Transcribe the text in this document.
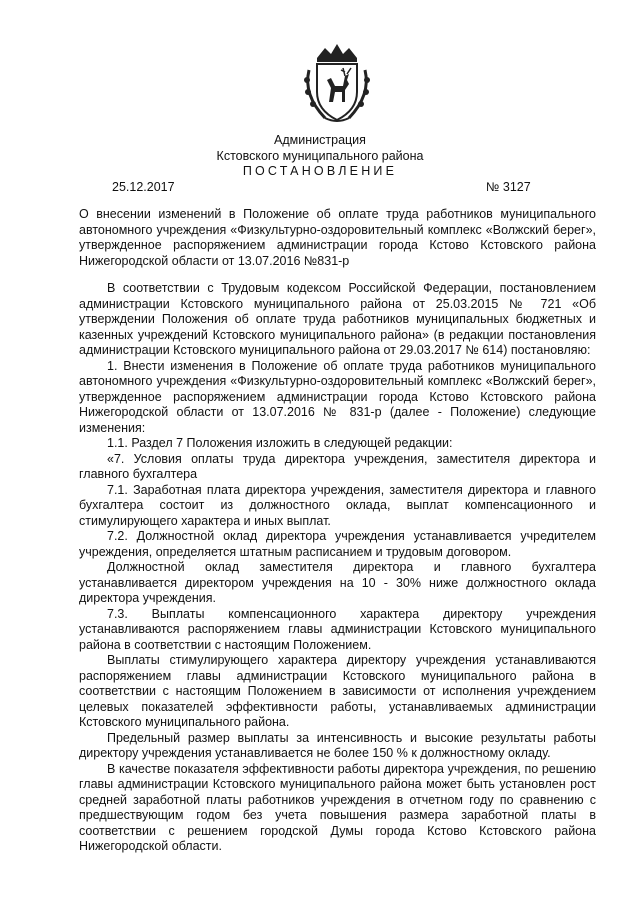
Администрация
Кстовского муниципального района
ПОСТАНОВЛЕНИЕ
25.12.2017	№ 3127

О внесении изменений в Положение об оплате труда работников муниципального автономного учреждения «Физкультурно-оздоровительный комплекс «Волжский берег», утвержденное распоряжением администрации города Кстово Кстовского района Нижегородской области от 13.07.2016 №831-р

В соответствии с Трудовым кодексом Российской Федерации, постановлением администрации Кстовского муниципального района от 25.03.2015 № 721 «Об утверждении Положения об оплате труда работников муниципальных бюджетных и казенных учреждений Кстовского муниципального района» (в редакции постановления администрации Кстовского муниципального района от 29.03.2017 № 614) постановляю:

1. Внести изменения в Положение об оплате труда работников муниципального автономного учреждения «Физкультурно-оздоровительный комплекс «Волжский берег», утвержденное распоряжением администрации города Кстово Кстовского района Нижегородской области от 13.07.2016 № 831-р (далее - Положение) следующие изменения:

1.1. Раздел 7 Положения изложить в следующей редакции:

«7. Условия оплаты труда директора учреждения, заместителя директора и главного бухгалтера

7.1. Заработная плата директора учреждения, заместителя директора и главного бухгалтера состоит из должностного оклада, выплат компенсационного и стимулирующего характера и иных выплат.

7.2. Должностной оклад директора учреждения устанавливается учредителем учреждения, определяется штатным расписанием и трудовым договором.

Должностной оклад заместителя директора и главного бухгалтера устанавливается директором учреждения на 10 - 30% ниже должностного оклада директора учреждения.

7.3. Выплаты компенсационного характера директору учреждения устанавливаются распоряжением главы администрации Кстовского муниципального района в соответствии с настоящим Положением.

Выплаты стимулирующего характера директору учреждения устанавливаются распоряжением главы администрации Кстовского муниципального района в соответствии с настоящим Положением в зависимости от исполнения учреждением целевых показателей эффективности работы, устанавливаемых администрации Кстовского муниципального района.

Предельный размер выплаты за интенсивность и высокие результаты работы директору учреждения устанавливается не более 150 % к должностному окладу.

В качестве показателя эффективности работы директора учреждения, по решению главы администрации Кстовского муниципального района может быть установлен рост средней заработной платы работников учреждения в отчетном году по сравнению с предшествующим годом без учета повышения размера заработной платы в соответствии с решением городской Думы города Кстово Кстовского района Нижегородской области.
